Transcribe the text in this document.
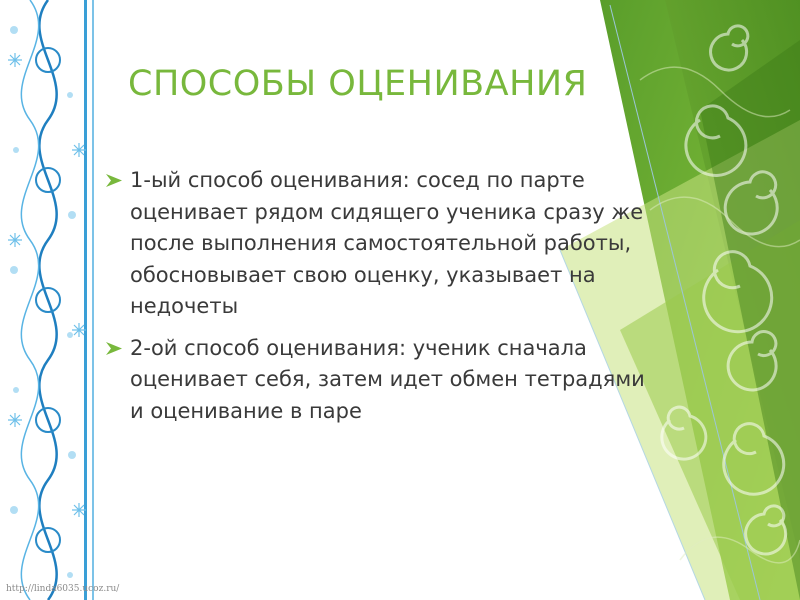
СПОСОБЫ ОЦЕНИВАНИЯ
1-ый способ оценивания: сосед по парте оценивает рядом сидящего ученика сразу же после выполнения самостоятельной работы, обосновывает свою оценку, указывает на недочеты
2-ой способ оценивания: ученик сначала оценивает себя, затем идет обмен тетрадями и оценивание в паре
http://linda6035.ucoz.ru/
